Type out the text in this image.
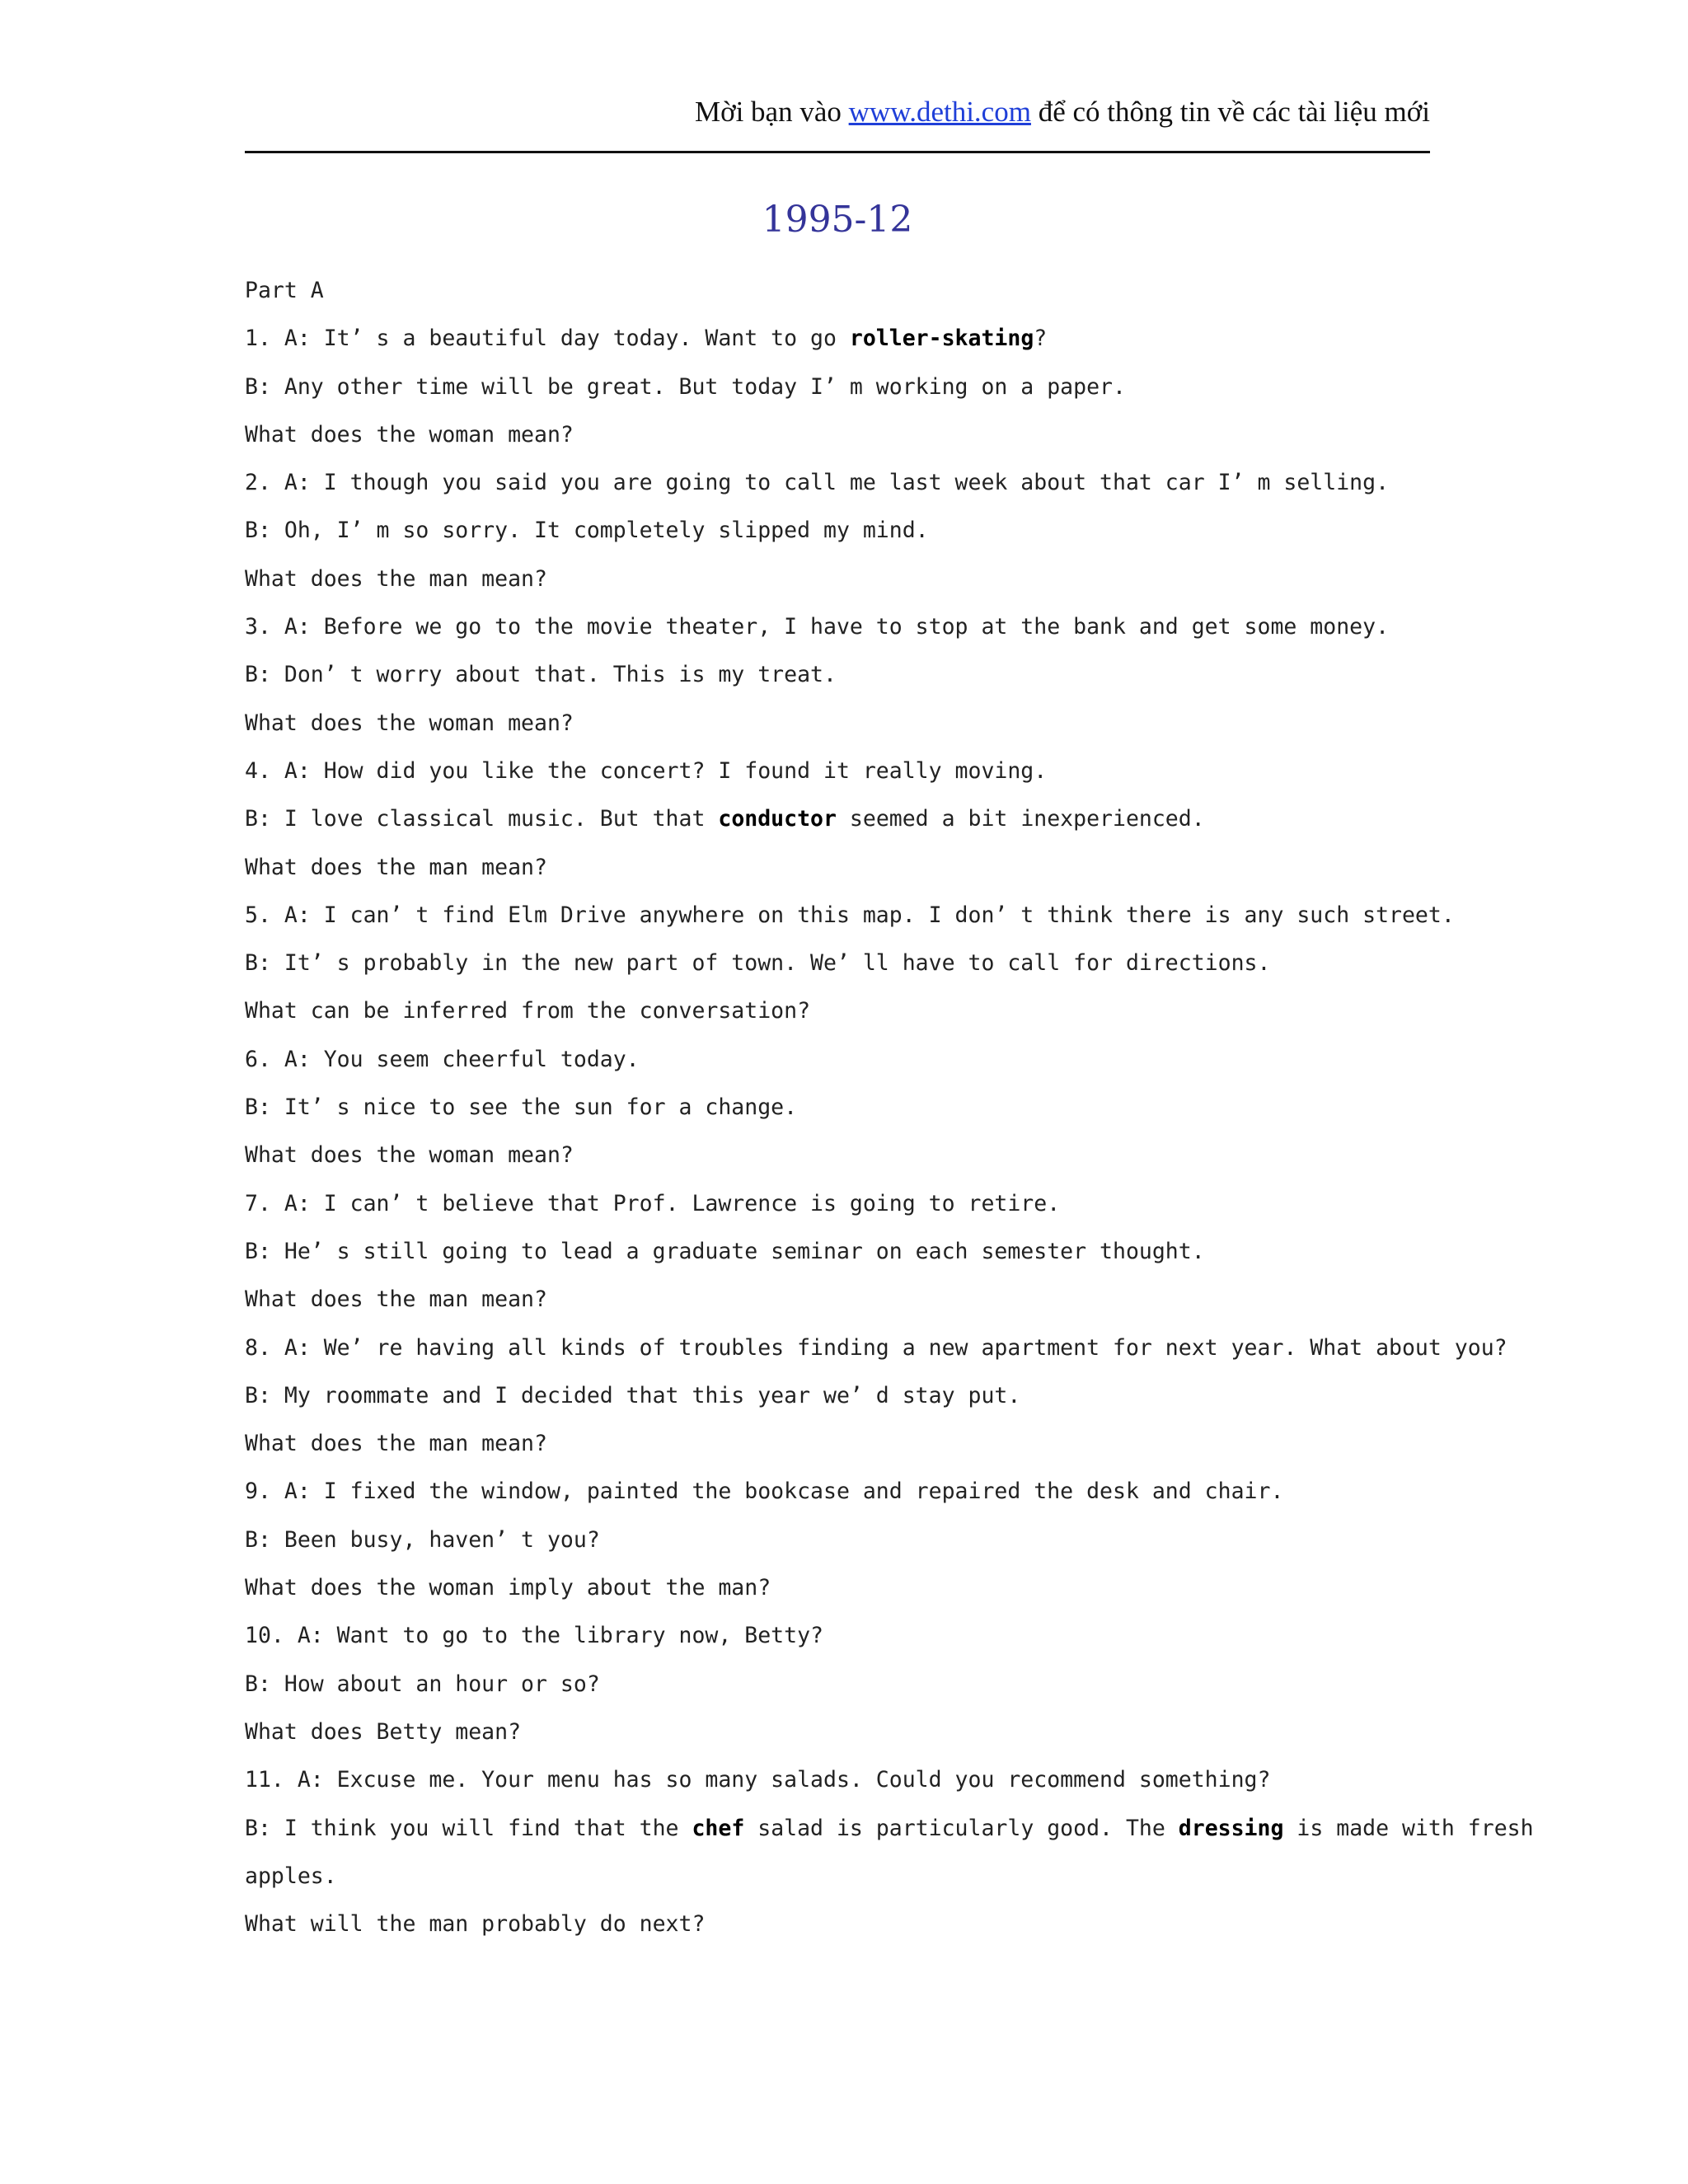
Mời bạn vào www.dethi.com để có thông tin về các tài liệu mới
1995-12
Part A
1. A: It’ s a beautiful day today. Want to go roller-skating?
B: Any other time will be great. But today I’ m working on a paper.
What does the woman mean?
2. A: I though you said you are going to call me last week about that car I’ m selling.
B: Oh, I’ m so sorry. It completely slipped my mind.
What does the man mean?
3. A: Before we go to the movie theater, I have to stop at the bank and get some money.
B: Don’ t worry about that. This is my treat.
What does the woman mean?
4. A: How did you like the concert? I found it really moving.
B: I love classical music. But that conductor seemed a bit inexperienced.
What does the man mean?
5. A: I can’ t find Elm Drive anywhere on this map. I don’ t think there is any such street.
B: It’ s probably in the new part of town. We’ ll have to call for directions.
What can be inferred from the conversation?
6. A: You seem cheerful today.
B: It’ s nice to see the sun for a change.
What does the woman mean?
7. A: I can’ t believe that Prof. Lawrence is going to retire.
B: He’ s still going to lead a graduate seminar on each semester thought.
What does the man mean?
8. A: We’ re having all kinds of troubles finding a new apartment for next year. What about you?
B: My roommate and I decided that this year we’ d stay put.
What does the man mean?
9. A: I fixed the window, painted the bookcase and repaired the desk and chair.
B: Been busy, haven’ t you?
What does the woman imply about the man?
10. A: Want to go to the library now, Betty?
B: How about an hour or so?
What does Betty mean?
11. A: Excuse me. Your menu has so many salads. Could you recommend something?
B: I think you will find that the chef salad is particularly good. The dressing is made with fresh
apples.
What will the man probably do next?
